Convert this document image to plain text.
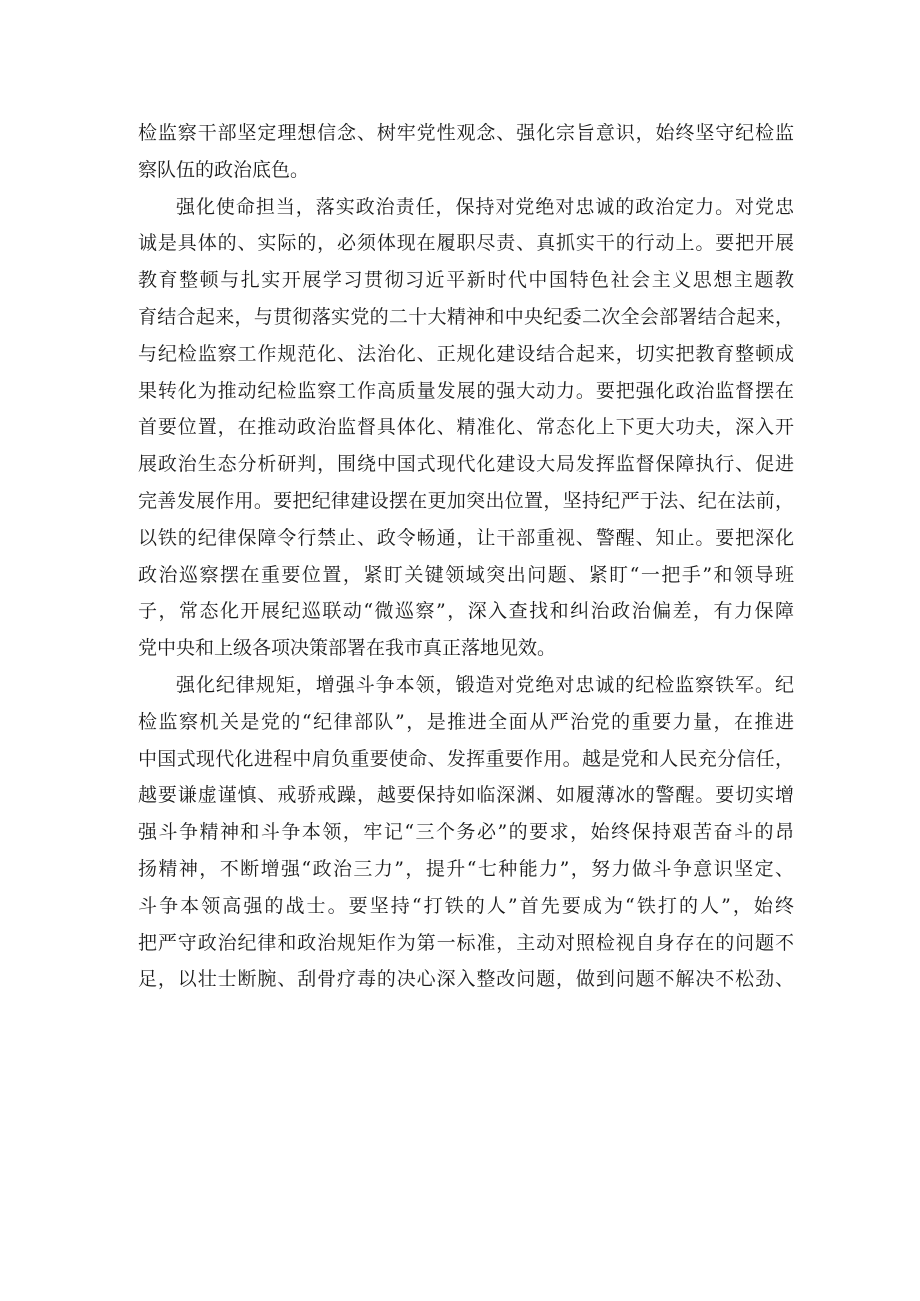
检监察干部坚定理想信念、树牢党性观念、强化宗旨意识，始终坚守纪检监
察队伍的政治底色。
强化使命担当，落实政治责任，保持对党绝对忠诚的政治定力。对党忠
诚是具体的、实际的，必须体现在履职尽责、真抓实干的行动上。要把开展
教育整顿与扎实开展学习贯彻习近平新时代中国特色社会主义思想主题教
育结合起来，与贯彻落实党的二十大精神和中央纪委二次全会部署结合起来，
与纪检监察工作规范化、法治化、正规化建设结合起来，切实把教育整顿成
果转化为推动纪检监察工作高质量发展的强大动力。要把强化政治监督摆在
首要位置，在推动政治监督具体化、精准化、常态化上下更大功夫，深入开
展政治生态分析研判，围绕中国式现代化建设大局发挥监督保障执行、促进
完善发展作用。要把纪律建设摆在更加突出位置，坚持纪严于法、纪在法前，
以铁的纪律保障令行禁止、政令畅通，让干部重视、警醒、知止。要把深化
政治巡察摆在重要位置，紧盯关键领域突出问题、紧盯“一把手”和领导班
子，常态化开展纪巡联动“微巡察”，深入查找和纠治政治偏差，有力保障
党中央和上级各项决策部署在我市真正落地见效。
强化纪律规矩，增强斗争本领，锻造对党绝对忠诚的纪检监察铁军。纪
检监察机关是党的“纪律部队”，是推进全面从严治党的重要力量，在推进
中国式现代化进程中肩负重要使命、发挥重要作用。越是党和人民充分信任，
越要谦虚谨慎、戒骄戒躁，越要保持如临深渊、如履薄冰的警醒。要切实增
强斗争精神和斗争本领，牢记“三个务必”的要求，始终保持艰苦奋斗的昂
扬精神，不断增强“政治三力”，提升“七种能力”，努力做斗争意识坚定、
斗争本领高强的战士。要坚持“打铁的人”首先要成为“铁打的人”，始终
把严守政治纪律和政治规矩作为第一标准，主动对照检视自身存在的问题不
足，以壮士断腕、刮骨疗毒的决心深入整改问题，做到问题不解决不松劲、
